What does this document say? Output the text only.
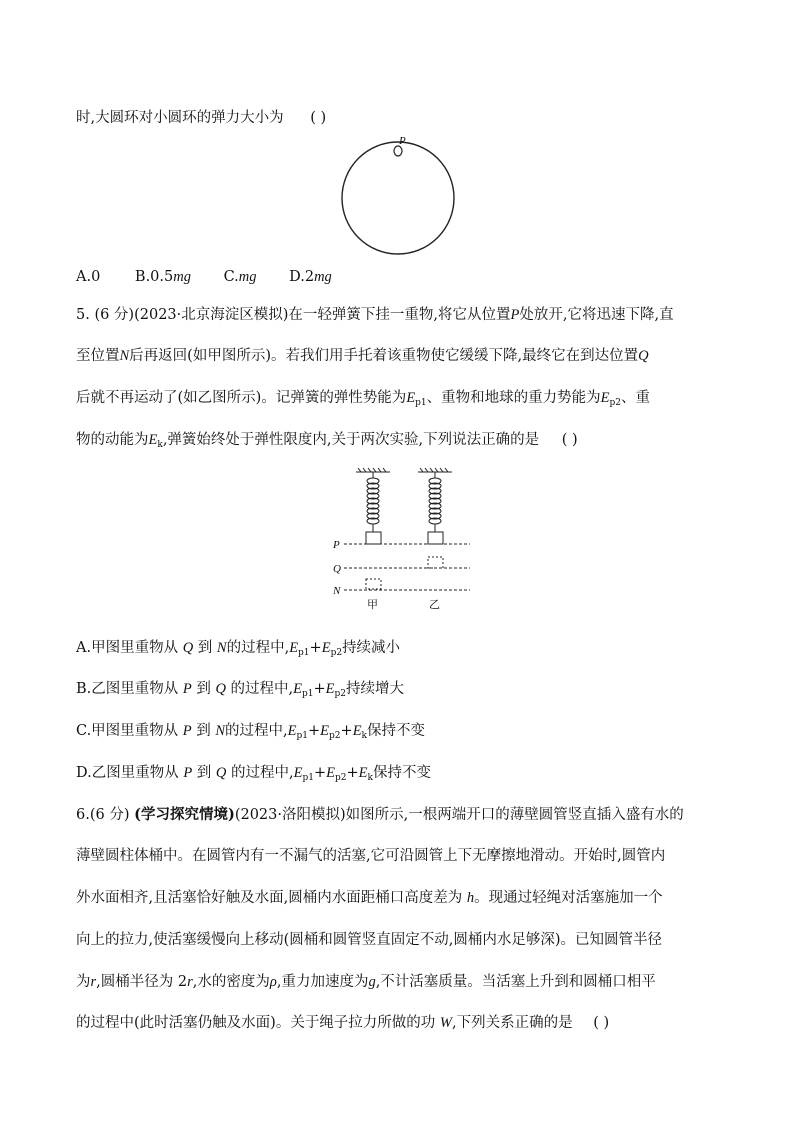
时,大圆环对小圆环的弹力大小为 ( )
P
A.0 B.0.5mg C.mg D.2mg
5. (6 分)(2023·北京海淀区模拟)在一轻弹簧下挂一重物,将它从位置P处放开,它将迅速下降,直
至位置N后再返回(如甲图所示)。若我们用手托着该重物使它缓缓下降,最终它在到达位置Q
后就不再运动了(如乙图所示)。记弹簧的弹性势能为$E_{p1}$、重物和地球的重力势能为$E_{p2}$、重
物的动能为$E_k$,弹簧始终处于弹性限度内,关于两次实验,下列说法正确的是 ( )
P
Q
N
甲	乙
A.甲图里重物从 Q 到 N的过程中$,E_{p1}+E_{p2}$持续减小
B.乙图里重物从 P 到 Q 的过程中$,E_{p1}+E_{p2}$持续增大
C.甲图里重物从 P 到 N的过程中$,E_{p1}+E_{p2}+E_k$保持不变
D.乙图里重物从 P 到 Q 的过程中$,E_{p1}+E_{p2}+E_k$保持不变
6.(6 分) (学习探究情境)(2023·洛阳模拟)如图所示,一根两端开口的薄壁圆管竖直插入盛有水的
薄壁圆柱体桶中。在圆管内有一不漏气的活塞,它可沿圆管上下无摩擦地滑动。开始时,圆管内
外水面相齐,且活塞恰好触及水面,圆桶内水面距桶口高度差为 h。现通过轻绳对活塞施加一个
向上的拉力,使活塞缓慢向上移动(圆桶和圆管竖直固定不动,圆桶内水足够深)。已知圆管半径
为r,圆桶半径为 2r,水的密度为ρ,重力加速度为g,不计活塞质量。当活塞上升到和圆桶口相平
的过程中(此时活塞仍触及水面)。关于绳子拉力所做的功 W,下列关系正确的是 ( )
